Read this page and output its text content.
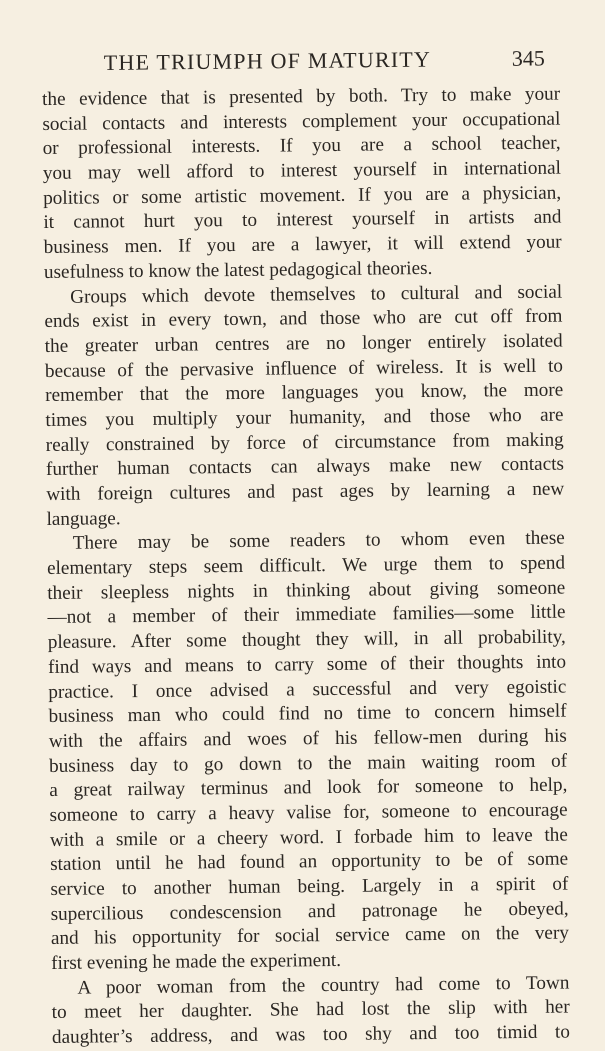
THE TRIUMPH OF MATURITY	345
the evidence that is presented by both. Try to make your
social contacts and interests complement your occupational
or professional interests. If you are a school teacher,
you may well afford to interest yourself in international
politics or some artistic movement. If you are a physician,
it cannot hurt you to interest yourself in artists and
business men. If you are a lawyer, it will extend your
usefulness to know the latest pedagogical theories.
Groups which devote themselves to cultural and social
ends exist in every town, and those who are cut off from
the greater urban centres are no longer entirely isolated
because of the pervasive influence of wireless. It is well to
remember that the more languages you know, the more
times you multiply your humanity, and those who are
really constrained by force of circumstance from making
further human contacts can always make new contacts
with foreign cultures and past ages by learning a new
language.
There may be some readers to whom even these
elementary steps seem difficult. We urge them to spend
their sleepless nights in thinking about giving someone
—not a member of their immediate families—some little
pleasure. After some thought they will, in all probability,
find ways and means to carry some of their thoughts into
practice. I once advised a successful and very egoistic
business man who could find no time to concern himself
with the affairs and woes of his fellow-men during his
business day to go down to the main waiting room of
a great railway terminus and look for someone to help,
someone to carry a heavy valise for, someone to encourage
with a smile or a cheery word. I forbade him to leave the
station until he had found an opportunity to be of some
service to another human being. Largely in a spirit of
supercilious condescension and patronage he obeyed,
and his opportunity for social service came on the very
first evening he made the experiment.
A poor woman from the country had come to Town
to meet her daughter. She had lost the slip with her
daughter’s address, and was too shy and too timid to
